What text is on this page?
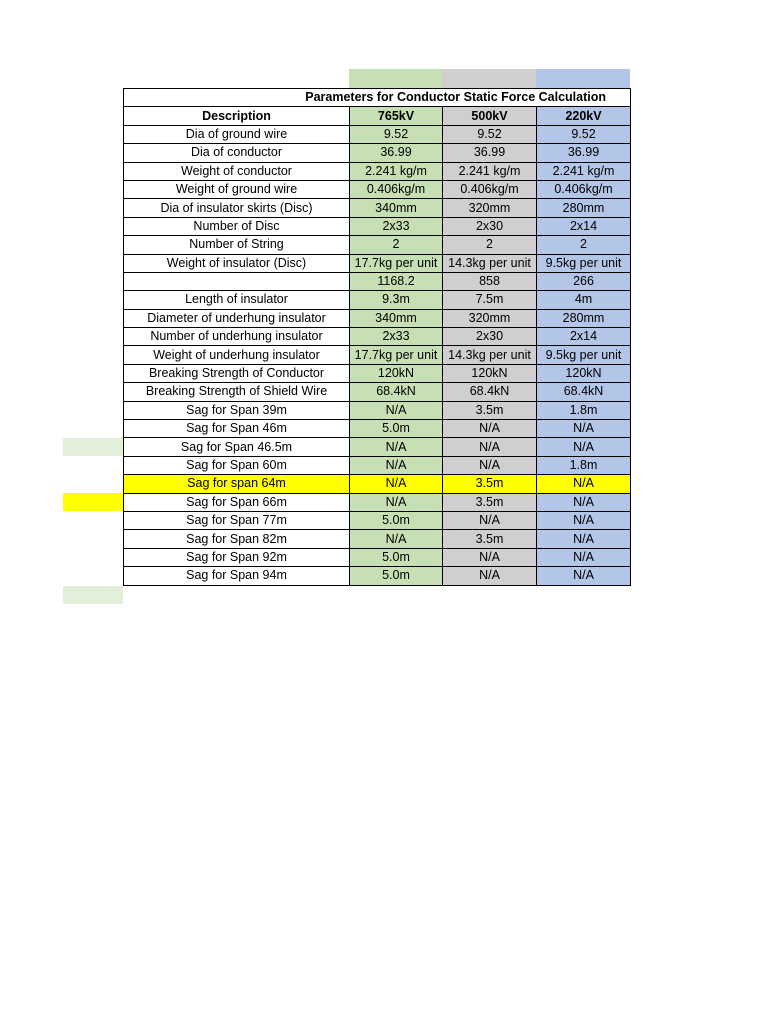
Parameters for Conductor Static Force Calculation			
Description	765kV	500kV	220kV
Dia of ground wire	9.52	9.52	9.52
Dia of conductor	36.99	36.99	36.99
Weight of conductor	2.241 kg/m	2.241 kg/m	2.241 kg/m
Weight of ground wire	0.406kg/m	0.406kg/m	0.406kg/m
Dia of insulator skirts (Disc)	340mm	320mm	280mm
Number of Disc	2x33	2x30	2x14
Number of String	2	2	2
Weight of insulator (Disc)	17.7kg per unit	14.3kg per unit	9.5kg per unit
	1168.2	858	266
Length of insulator	9.3m	7.5m	4m
Diameter of underhung insulator	340mm	320mm	280mm
Number of underhung insulator	2x33	2x30	2x14
Weight of underhung insulator	17.7kg per unit	14.3kg per unit	9.5kg per unit
Breaking Strength of Conductor	120kN	120kN	120kN
Breaking Strength of Shield Wire	68.4kN	68.4kN	68.4kN
Sag for Span 39m	N/A	3.5m	1.8m
Sag for Span 46m	5.0m	N/A	N/A
Sag for Span 46.5m	N/A	N/A	N/A
Sag for Span 60m	N/A	N/A	1.8m
Sag for span 64m	N/A	3.5m	N/A
Sag for Span 66m	N/A	3.5m	N/A
Sag for Span 77m	5.0m	N/A	N/A
Sag for Span 82m	N/A	3.5m	N/A
Sag for Span 92m	5.0m	N/A	N/A
Sag for Span 94m	5.0m	N/A	N/A
